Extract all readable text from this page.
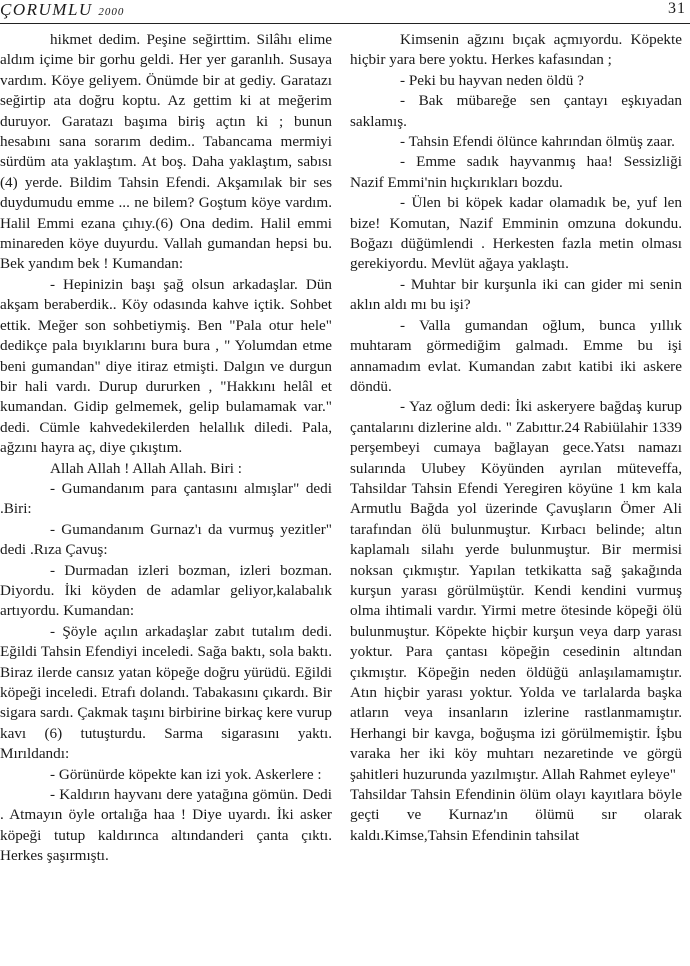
ÇORUMLU 2000	31

hikmet dedim. Peşine seğirttim. Silâhı elime aldım içime bir gorhu geldi. Her yer garanlıh. Susaya vardım. Köye geliyem. Önümde bir at gediy. Garatazı seğirtip ata doğru koptu. Az gettim ki at meğerim duruyor. Garatazı başıma biriş açtın ki ; bunun hesabını sana sorarım dedim.. Tabancama mermiyi sürdüm ata yaklaştım. At boş. Daha yaklaştım, sabısı (4) yerde. Bildim Tahsin Efendi. Akşamılak bir ses duydumudu emme ... ne bilem? Goştum köye vardım. Halil Emmi ezana çıhıy.(6) Ona dedim. Halil emmi minareden köye duyurdu. Vallah gumandan hepsi bu. Bek yandım bek ! Kumandan:

- Hepinizin başı şağ olsun arkadaşlar. Dün akşam beraberdik.. Köy odasında kahve içtik. Sohbet ettik. Meğer son sohbetiymiş. Ben "Pala otur hele" dedikçe pala bıyıklarını bura bura , " Yolumdan etme beni gumandan" diye itiraz etmişti. Dalgın ve durgun bir hali vardı. Durup dururken , "Hakkını helâl et kumandan. Gidip gelmemek, gelip bulamamak var." dedi. Cümle kahvedekilerden helallık diledi. Pala, ağzını hayra aç, diye çıkıştım.

Allah Allah ! Allah Allah. Biri :

- Gumandanım para çantasını almışlar" dedi .Biri:

- Gumandanım Gurnaz'ı da vurmuş yezitler" dedi .Rıza Çavuş:

- Durmadan izleri bozman, izleri bozman. Diyordu. İki köyden de adamlar geliyor,kalabalık artıyordu. Kumandan:

- Şöyle açılın arkadaşlar zabıt tutalım dedi. Eğildi Tahsin Efendiyi inceledi. Sağa baktı, sola baktı. Biraz ilerde cansız yatan köpeğe doğru yürüdü. Eğildi köpeği inceledi. Etrafı dolandı. Tabakasını çıkardı. Bir sigara sardı. Çakmak taşını birbirine birkaç kere vurup kavı (6) tutuşturdu. Sarma sigarasını yaktı. Mırıldandı:

- Görünürde köpekte kan izi yok. Askerlere :

- Kaldırın hayvanı dere yatağına gömün. Dedi . Atmayın öyle ortalığa haa ! Diye uyardı. İki asker köpeği tutup kaldırınca altındanderi çanta çıktı. Herkes şaşırmıştı.

Kimsenin ağzını bıçak açmıyordu. Köpekte hiçbir yara bere yoktu. Herkes kafasından ;

- Peki bu hayvan neden öldü ?

- Bak mübareğe sen çantayı eşkıyadan saklamış.

- Tahsin Efendi ölünce kahrından ölmüş zaar.

- Emme sadık hayvanmış haa! Sessizliği Nazif Emmi'nin hıçkırıkları bozdu.

- Ülen bi köpek kadar olamadık be, yuf len bize! Komutan, Nazif Emminin omzuna dokundu. Boğazı düğümlendi . Herkesten fazla metin olması gerekiyordu. Mevlüt ağaya yaklaştı.

- Muhtar bir kurşunla iki can gider mi senin aklın aldı mı bu işi?

- Valla gumandan oğlum, bunca yıllık muhtaram görmediğim galmadı. Emme bu işi annamadım evlat. Kumandan zabıt katibi iki askere döndü.

- Yaz oğlum dedi: İki askeryere bağdaş kurup çantalarını dizlerine aldı. " Zabıttır.24 Rabiülahir 1339 perşembeyi cumaya bağlayan gece.Yatsı namazı sularında Ulubey Köyünden ayrılan müteveffa, Tahsildar Tahsin Efendi Yeregiren köyüne 1 km kala Armutlu Bağda yol üzerinde Çavuşların Ömer Ali tarafından ölü bulunmuştur. Kırbacı belinde; altın kaplamalı silahı yerde bulunmuştur. Bir mermisi noksan çıkmıştır. Yapılan tetkikatta sağ şakağında kurşun yarası görülmüştür. Kendi kendini vurmuş olma ihtimali vardır. Yirmi metre ötesinde köpeği ölü bulunmuştur. Köpekte hiçbir kurşun veya darp yarası yoktur. Para çantası köpeğin cesedinin altından çıkmıştır. Köpeğin neden öldüğü anlaşılamamıştır. Atın hiçbir yarası yoktur. Yolda ve tarlalarda başka atların veya insanların izlerine rastlanmamıştır. Herhangi bir kavga, boğuşma izi görülmemiştir. İşbu varaka her iki köy muhtarı nezaretinde ve görgü şahitleri huzurunda yazılmıştır. Allah Rahmet eyleye"

Tahsildar Tahsin Efendinin ölüm olayı kayıtlara böyle geçti ve Kurnaz'ın ölümü sır olarak kaldı.Kimse,Tahsin Efendinin tahsilat
